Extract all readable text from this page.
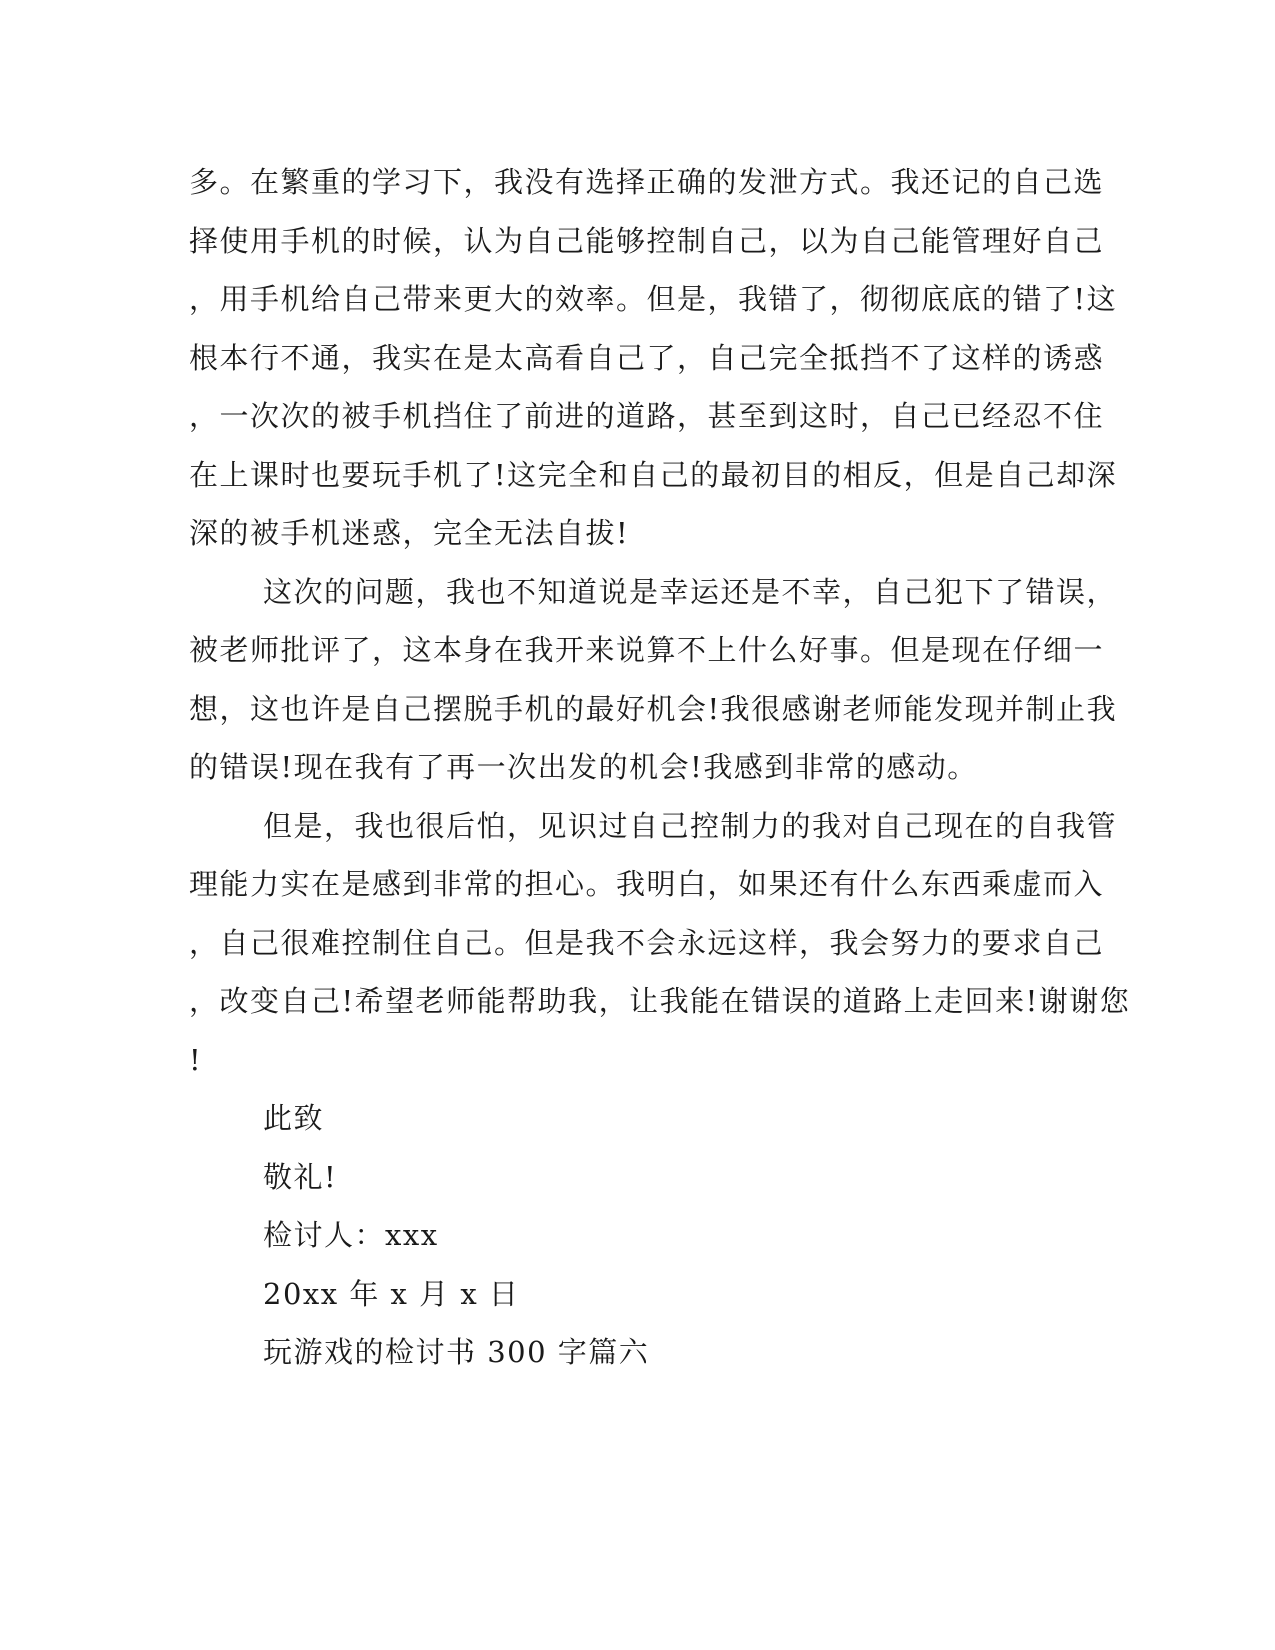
多。在繁重的学习下，我没有选择正确的发泄方式。我还记的自己选
择使用手机的时候，认为自己能够控制自己，以为自己能管理好自己
，用手机给自己带来更大的效率。但是，我错了，彻彻底底的错了!这
根本行不通，我实在是太高看自己了，自己完全抵挡不了这样的诱惑
，一次次的被手机挡住了前进的道路，甚至到这时，自己已经忍不住
在上课时也要玩手机了!这完全和自己的最初目的相反，但是自己却深
深的被手机迷惑，完全无法自拔!
这次的问题，我也不知道说是幸运还是不幸，自己犯下了错误，
被老师批评了，这本身在我开来说算不上什么好事。但是现在仔细一
想，这也许是自己摆脱手机的最好机会!我很感谢老师能发现并制止我
的错误!现在我有了再一次出发的机会!我感到非常的感动。
但是，我也很后怕，见识过自己控制力的我对自己现在的自我管
理能力实在是感到非常的担心。我明白，如果还有什么东西乘虚而入
，自己很难控制住自己。但是我不会永远这样，我会努力的要求自己
，改变自己!希望老师能帮助我，让我能在错误的道路上走回来!谢谢您
!
此致
敬礼!
检讨人：xxx
20xx 年 x 月 x 日
玩游戏的检讨书 300 字篇六
